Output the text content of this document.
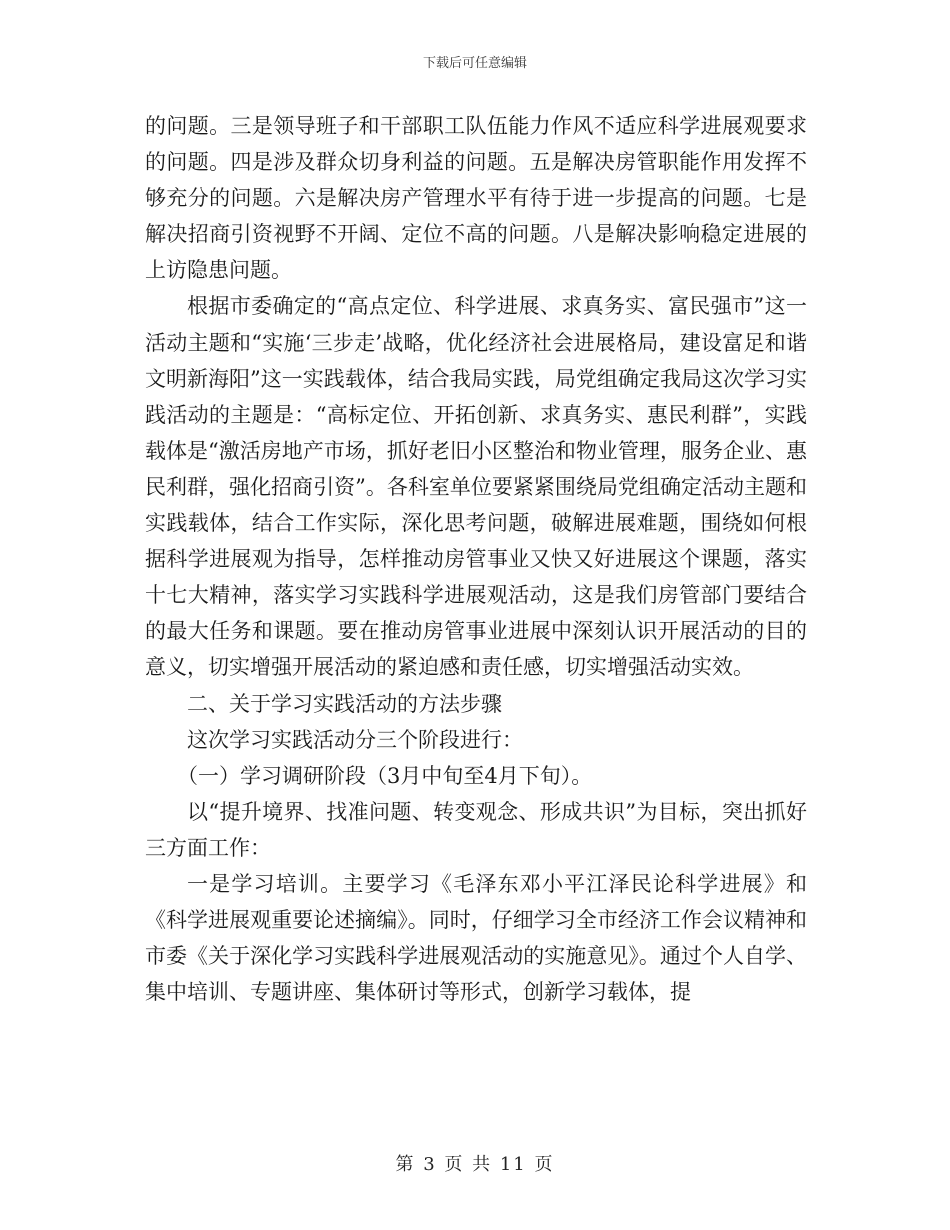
下载后可任意编辑

的问题。三是领导班子和干部职工队伍能力作风不适应科学进展观要求的问题。四是涉及群众切身利益的问题。五是解决房管职能作用发挥不够充分的问题。六是解决房产管理水平有待于进一步提高的问题。七是解决招商引资视野不开阔、定位不高的问题。八是解决影响稳定进展的上访隐患问题。

根据市委确定的“高点定位、科学进展、求真务实、富民强市”这一活动主题和“实施‘三步走’战略，优化经济社会进展格局，建设富足和谐文明新海阳”这一实践载体，结合我局实践，局党组确定我局这次学习实践活动的主题是：“高标定位、开拓创新、求真务实、惠民利群”，实践载体是“激活房地产市场，抓好老旧小区整治和物业管理，服务企业、惠民利群，强化招商引资”。各科室单位要紧紧围绕局党组确定活动主题和实践载体，结合工作实际，深化思考问题，破解进展难题，围绕如何根据科学进展观为指导，怎样推动房管事业又快又好进展这个课题，落实十七大精神，落实学习实践科学进展观活动，这是我们房管部门要结合的最大任务和课题。要在推动房管事业进展中深刻认识开展活动的目的意义，切实增强开展活动的紧迫感和责任感，切实增强活动实效。

二、关于学习实践活动的方法步骤

这次学习实践活动分三个阶段进行：

（一）学习调研阶段（3月中旬至4月下旬）。

以“提升境界、找准问题、转变观念、形成共识”为目标，突出抓好三方面工作：

一是学习培训。主要学习《毛泽东邓小平江泽民论科学进展》和《科学进展观重要论述摘编》。同时，仔细学习全市经济工作会议精神和市委《关于深化学习实践科学进展观活动的实施意见》。通过个人自学、集中培训、专题讲座、集体研讨等形式，创新学习载体，提

第 3 页 共 11 页
